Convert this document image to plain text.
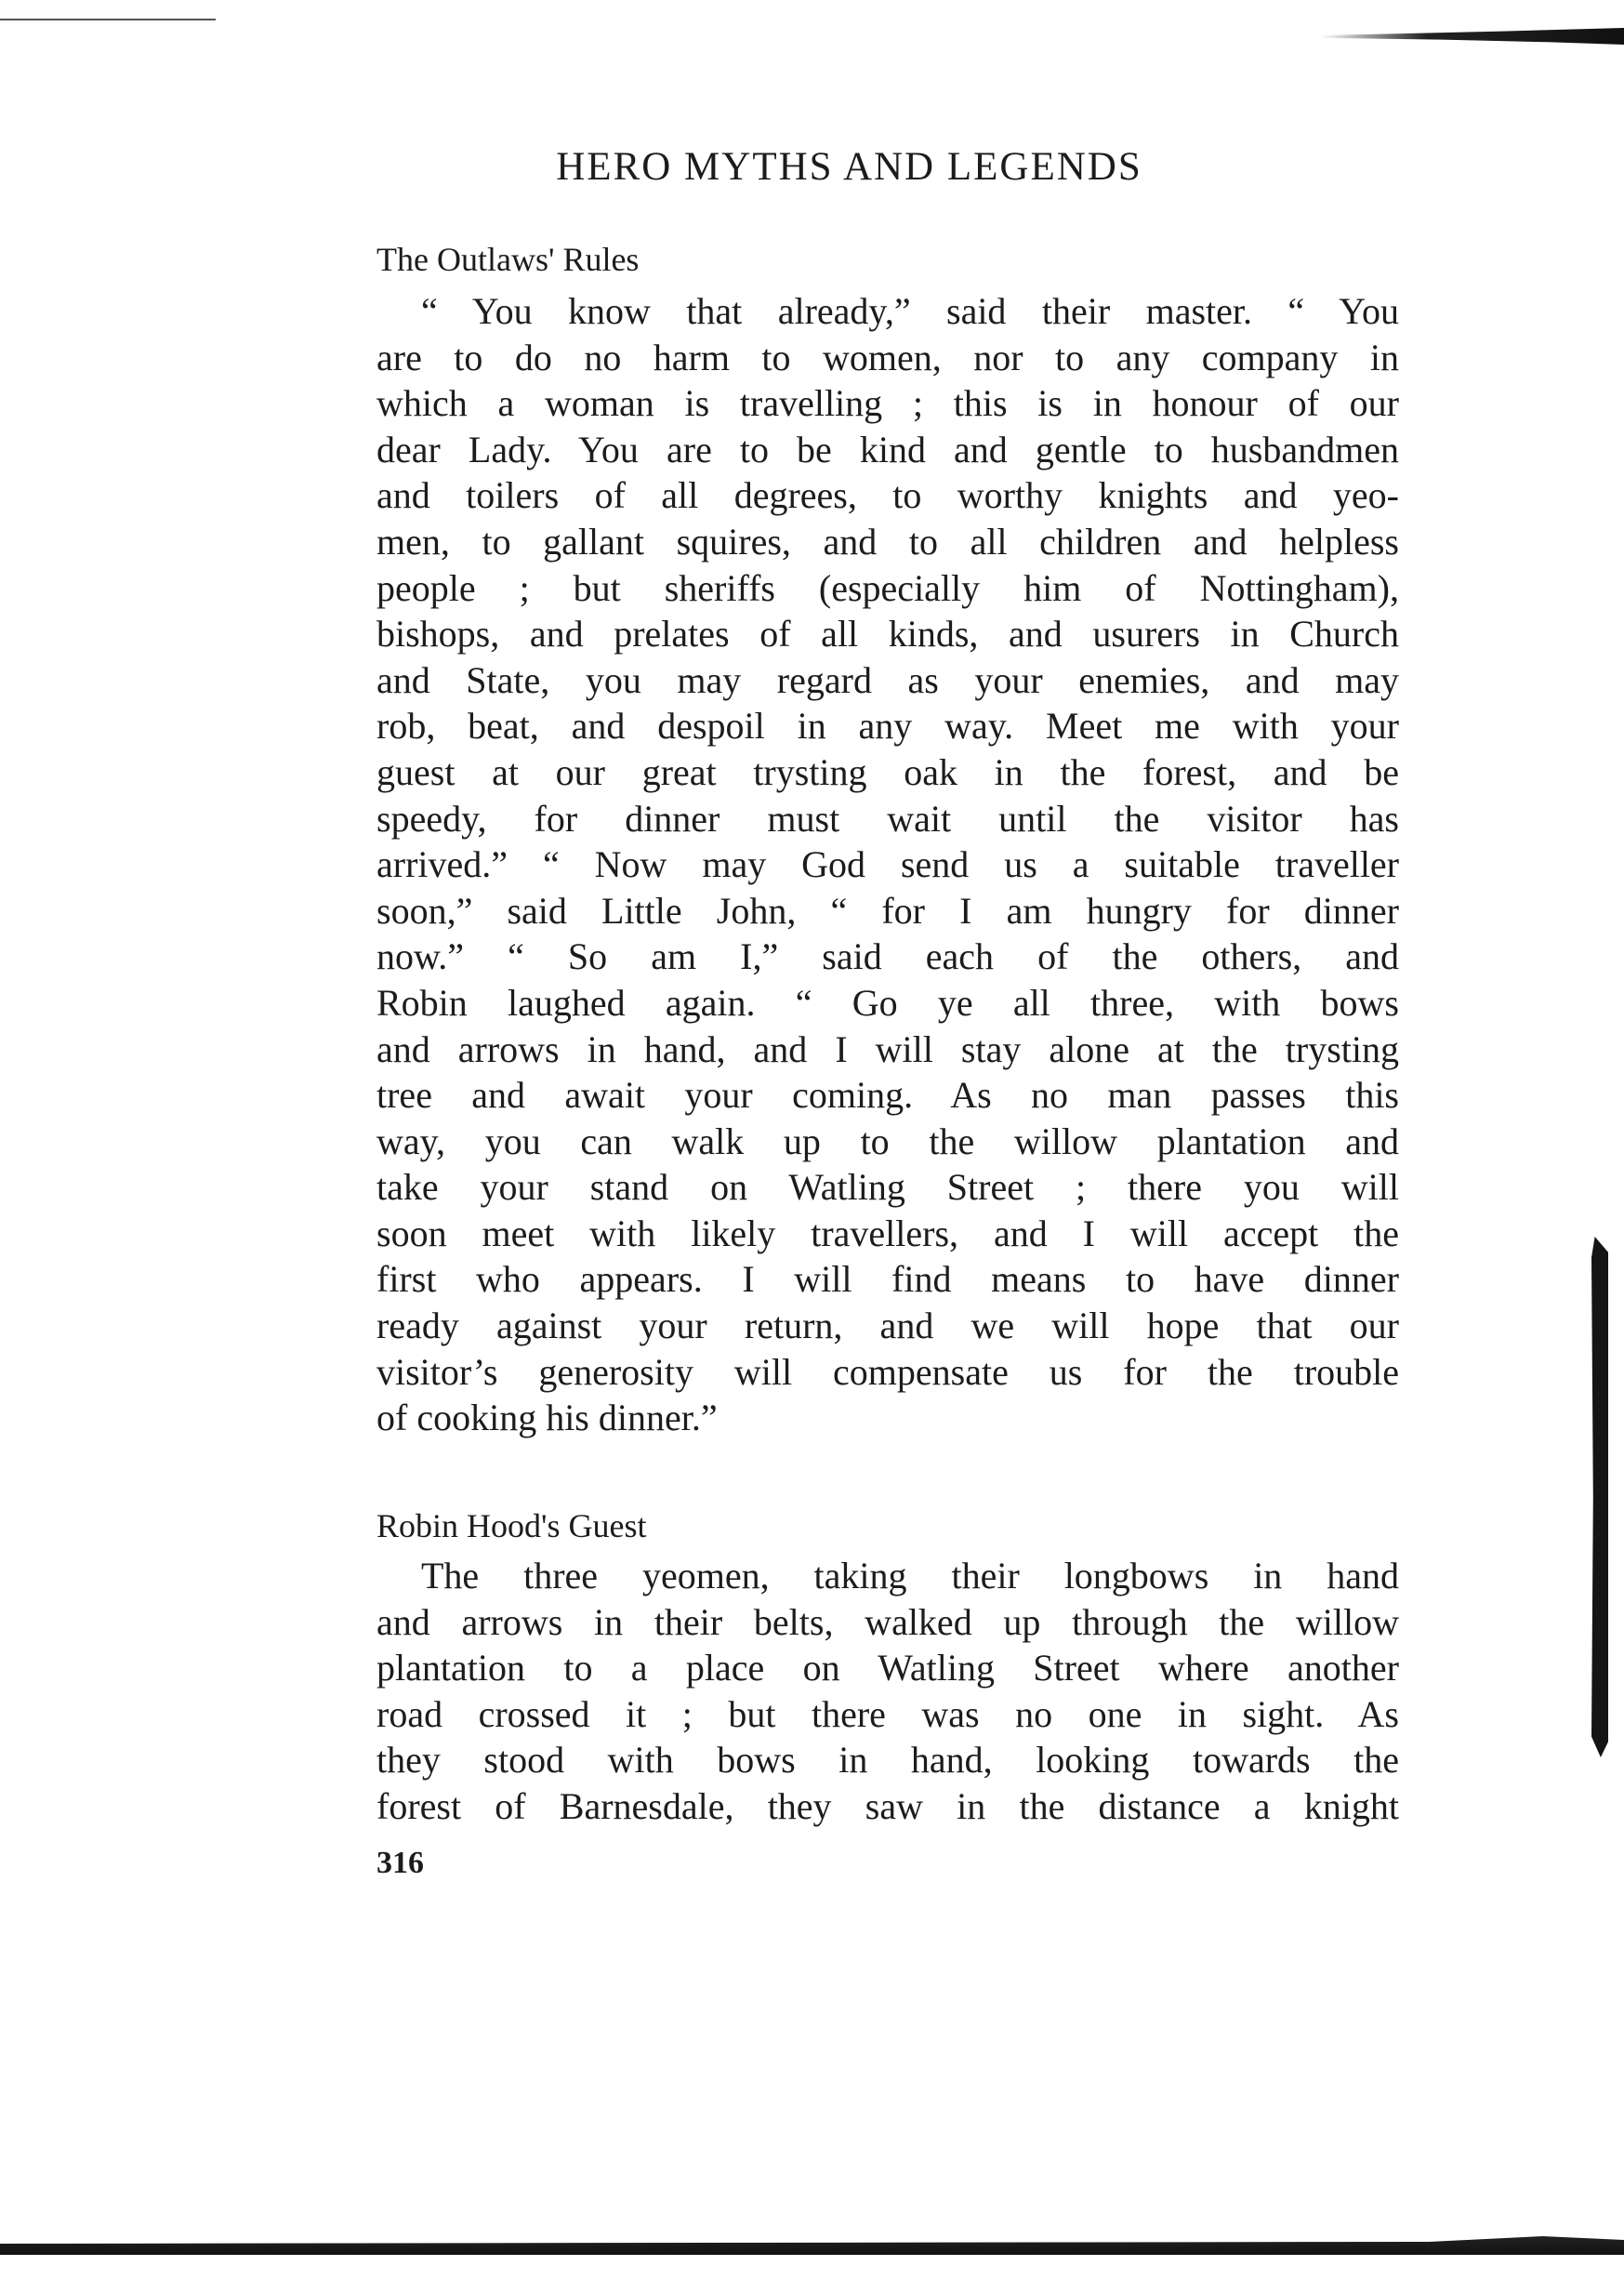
HERO MYTHS AND LEGENDS
The Outlaws' Rules
“ You know that already,” said their master. “ You
are to do no harm to women, nor to any company in
which a woman is travelling ; this is in honour of our
dear Lady. You are to be kind and gentle to husbandmen
and toilers of all degrees, to worthy knights and yeo-
men, to gallant squires, and to all children and helpless
people ; but sheriffs (especially him of Nottingham),
bishops, and prelates of all kinds, and usurers in Church
and State, you may regard as your enemies, and may
rob, beat, and despoil in any way. Meet me with your
guest at our great trysting oak in the forest, and be
speedy, for dinner must wait until the visitor has
arrived.” “ Now may God send us a suitable traveller
soon,” said Little John, “ for I am hungry for dinner
now.” “ So am I,” said each of the others, and
Robin laughed again. “ Go ye all three, with bows
and arrows in hand, and I will stay alone at the trysting
tree and await your coming. As no man passes this
way, you can walk up to the willow plantation and
take your stand on Watling Street ; there you will
soon meet with likely travellers, and I will accept the
first who appears. I will find means to have dinner
ready against your return, and we will hope that our
visitor’s generosity will compensate us for the trouble
of cooking his dinner.”
Robin Hood's Guest
The three yeomen, taking their longbows in hand
and arrows in their belts, walked up through the willow
plantation to a place on Watling Street where another
road crossed it ; but there was no one in sight. As
they stood with bows in hand, looking towards the
forest of Barnesdale, they saw in the distance a knight
316
